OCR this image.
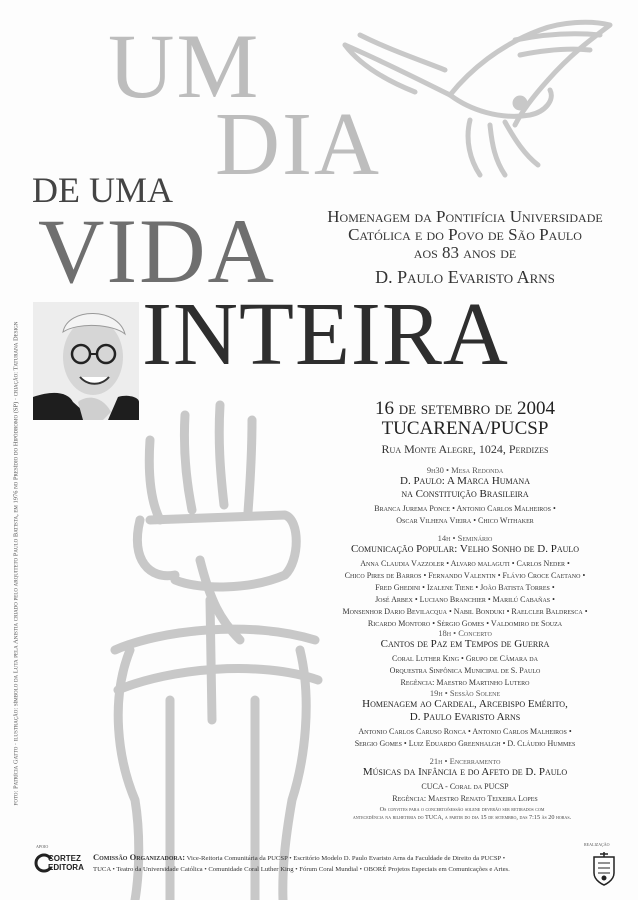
UM
DIA
DE UMA
VIDA
INTEIRA
Homenagem da Pontifícia Universidade
Católica e do Povo de São Paulo
aos 83 anos de
D. Paulo Evaristo Arns
foto: Patrícia Gatto · ilustração: símbolo da Luta pela Anistia criado pelo arquiteto Paulo Batista, em 1976 no Presídio do Hipódromo (SP) · criação: Taturana Design	16 de setembro de 2004
TUCARENA/PUCSP
Rua Monte Alegre, 1024, Perdizes
9h30 • Mesa Redonda
D. Paulo: A Marca Humana
na Constituição Brasileira
Branca Jurema Ponce • Antonio Carlos Malheiros •
Oscar Vilhena Vieira • Chico Withaker
14h • Seminário
Comunicação Popular: Velho Sonho de D. Paulo
Anna Claudia Vazzoler • Alvaro malaguti • Carlos Neder •
Chico Pires de Barros • Fernando Valentin • Flávio Croce Caetano •
Fred Ghedini • Izalene Tiene • João Batista Torres •
José Arbex • Luciano Branchier • Marilú Cabañas •
Monsenhor Dario Bevilacqua • Nabil Bonduki • Raelcler Baldresca •
Ricardo Montoro • Sérgio Gomes • Valdomiro de Souza
18h • Concerto
Cantos de Paz em Tempos de Guerra
Coral Luther King • Grupo de Câmara da
Orquestra Sinfônica Municipal de S. Paulo
Regência: Maestro Martinho Lutero
19h • Sessão Solene
Homenagem ao Cardeal, Arcebispo Emérito,
D. Paulo Evaristo Arns
Antonio Carlos Caruso Ronca • Antonio Carlos Malheiros •
Sergio Gomes • Luiz Eduardo Greenhalgh • D. Cláudio Hummes
21h • Encerramento
Músicas da Infância e do Afeto de D. Paulo
CUCA - Coral da PUCSP
Regência: Maestro Renato Teixeira Lopes
Os convites para o concerto/sessão solene deverão ser retirados com
antecedência na bilheteria do TUCA, a partir do dia 15 de setembro, das 7:15 às 20 horas.
apoio
CORTEZ EDITORA
Comissão Organizadora: Vice-Reitoria Comunitária da PUCSP • Escritório Modelo D. Paulo Evaristo Arns da Faculdade de Direito da PUCSP •
TUCA • Teatro da Universidade Católica • Comunidade Coral Luther King • Fórum Coral Mundial • OBORÉ Projetos Especiais em Comunicações e Artes.
realização
